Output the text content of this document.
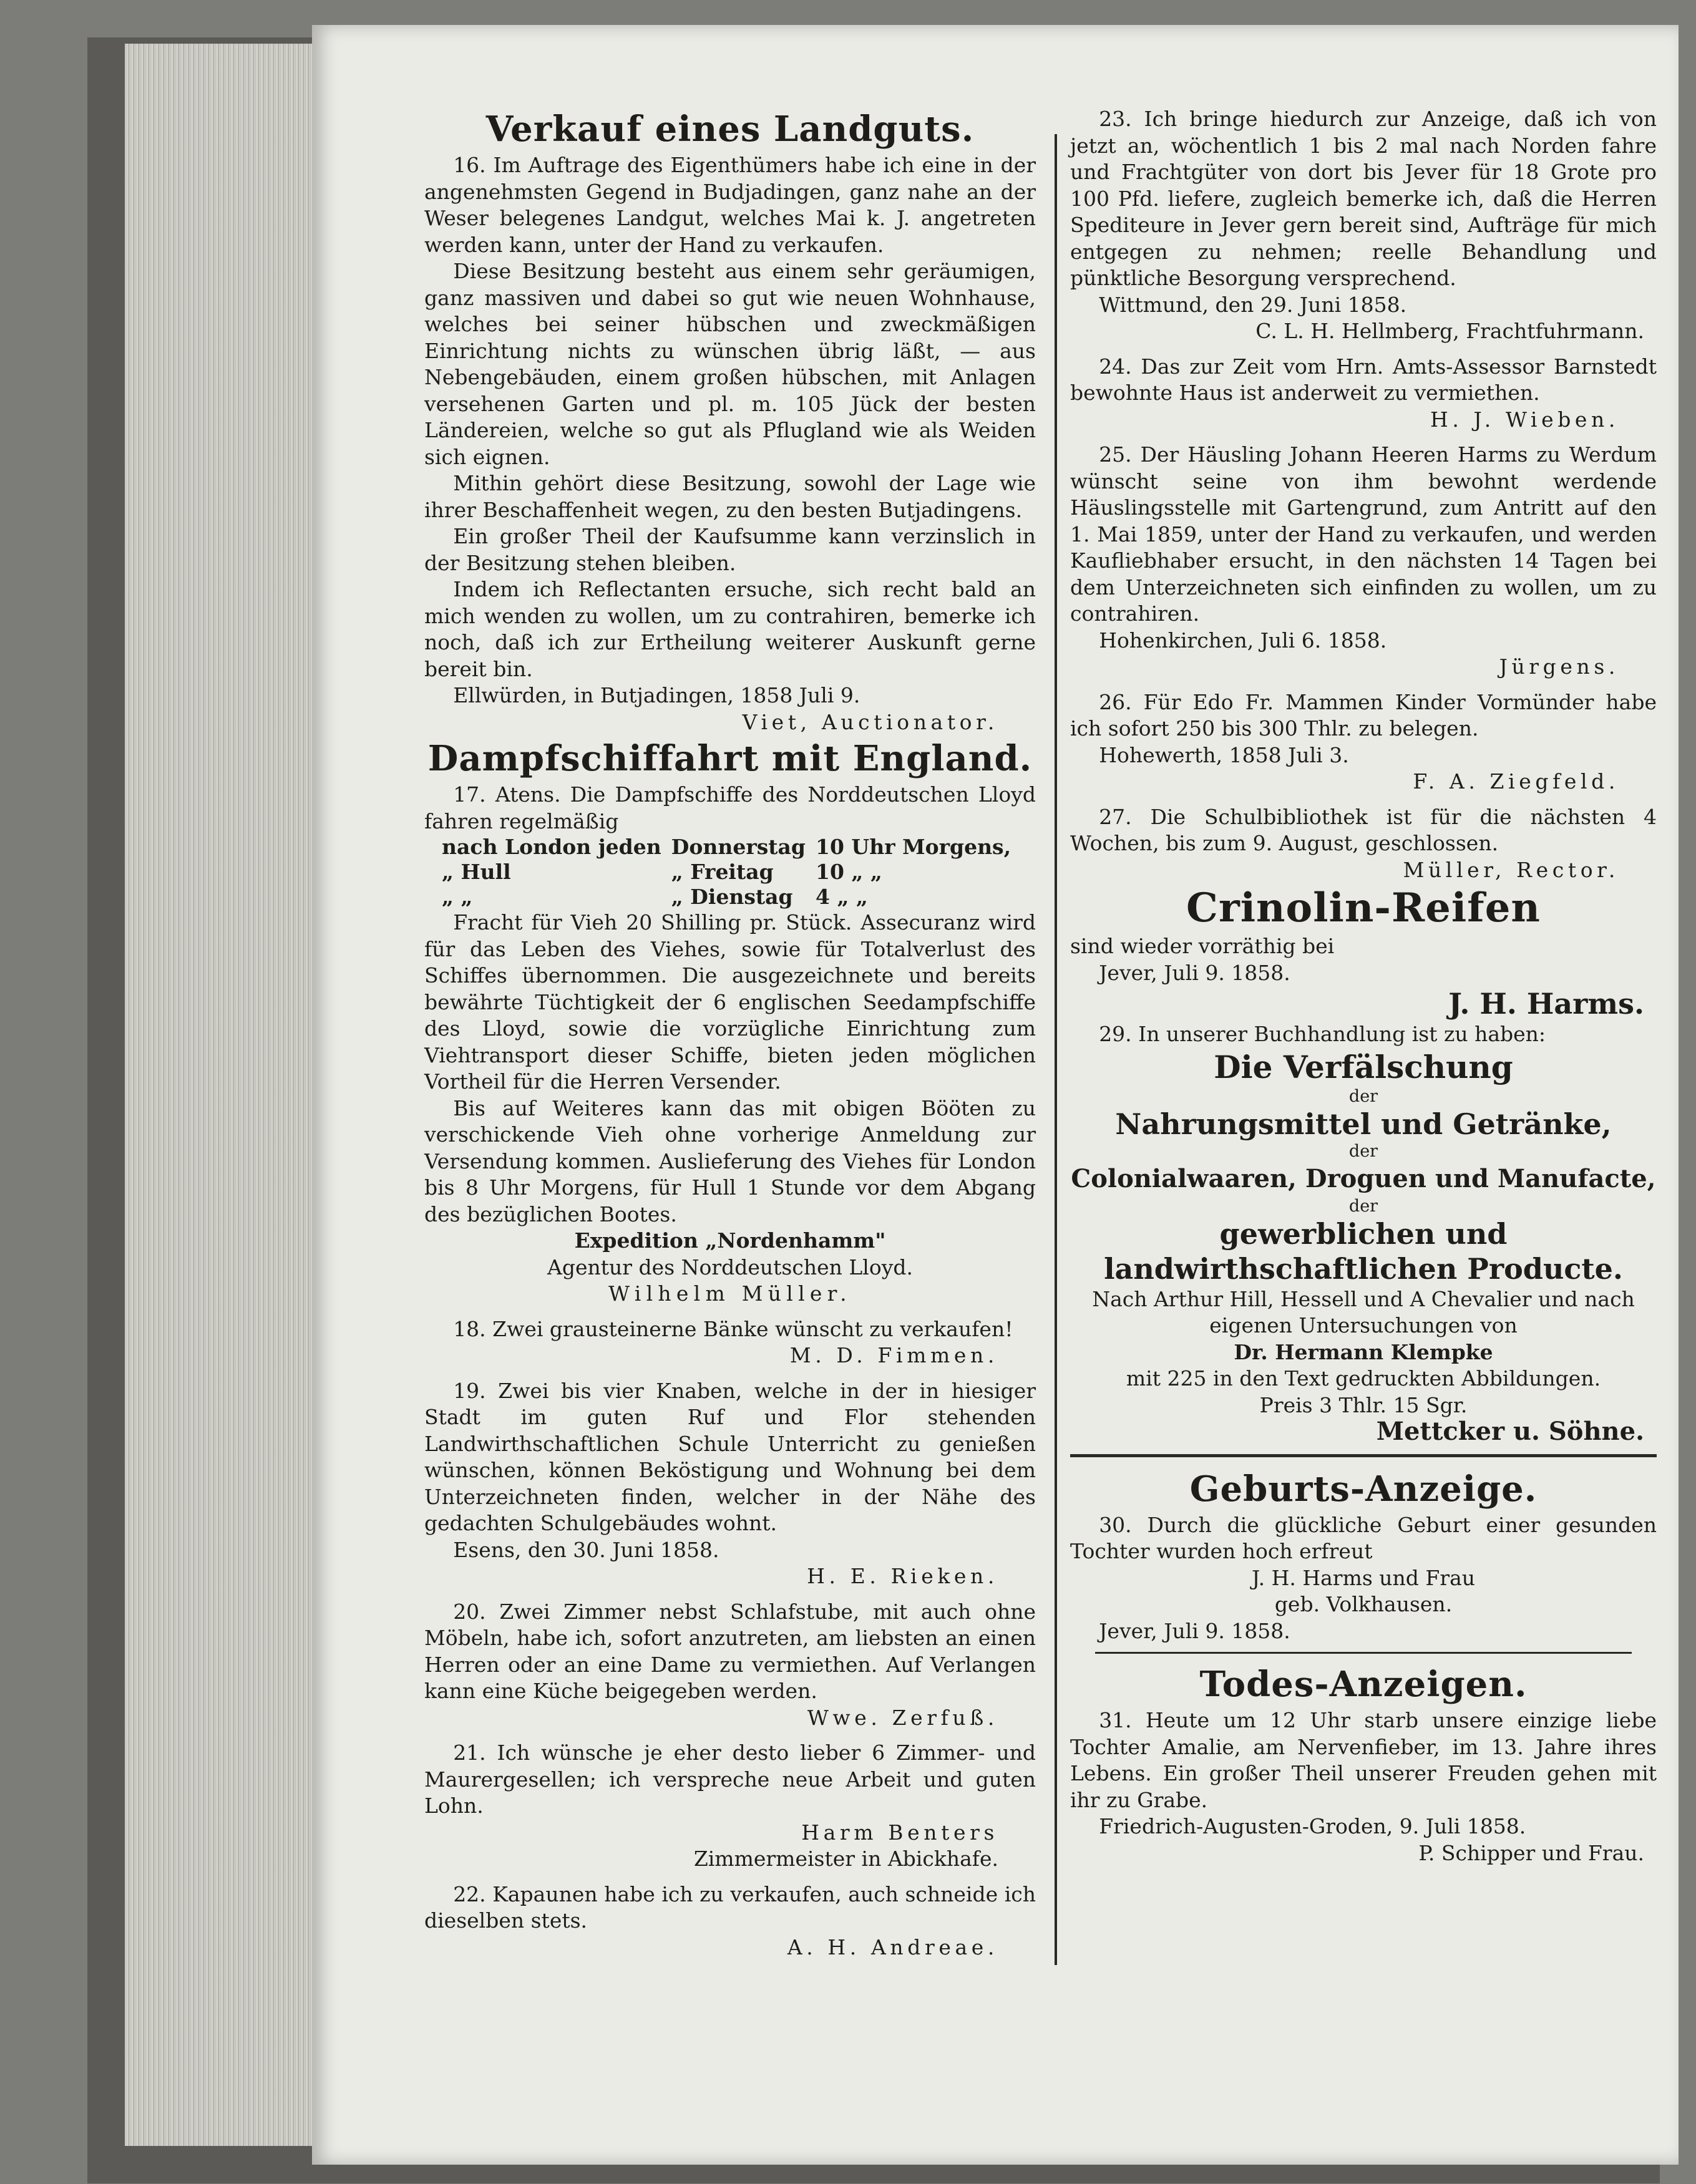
Verkauf eines Landguts.

16. Im Auftrage des Eigenthümers habe ich eine in der angenehmsten Gegend in Budjadingen, ganz nahe an der Weser belegenes Landgut, welches Mai k. J. angetreten werden kann, unter der Hand zu verkaufen.

Diese Besitzung besteht aus einem sehr geräumigen, ganz massiven und dabei so gut wie neuen Wohnhause, welches bei seiner hübschen und zweckmäßigen Einrichtung nichts zu wünschen übrig läßt, — aus Nebengebäuden, einem großen hübschen, mit Anlagen versehenen Garten und pl. m. 105 Jück der besten Ländereien, welche so gut als Pflugland wie als Weiden sich eignen.

Mithin gehört diese Besitzung, sowohl der Lage wie ihrer Beschaffenheit wegen, zu den besten Butjadingens.

Ein großer Theil der Kaufsumme kann verzinslich in der Besitzung stehen bleiben.

Indem ich Reflectanten ersuche, sich recht bald an mich wenden zu wollen, um zu contrahiren, bemerke ich noch, daß ich zur Ertheilung weiterer Auskunft gerne bereit bin.

Ellwürden, in Butjadingen, 1858 Juli 9.

Viet, Auctionator.
Dampfschiffahrt mit England.

17. Atens. Die Dampfschiffe des Norddeutschen Lloyd fahren regelmäßig

nach London jeden	Donnerstag	10 Uhr Morgens,
„ Hull	„ Freitag	10 „ „
„ „	„ Dienstag	4 „ „

Fracht für Vieh 20 Shilling pr. Stück. Assecuranz wird für das Leben des Viehes, sowie für Totalverlust des Schiffes übernommen. Die ausgezeichnete und bereits bewährte Tüchtigkeit der 6 englischen Seedampfschiffe des Lloyd, sowie die vorzügliche Einrichtung zum Viehtransport dieser Schiffe, bieten jeden möglichen Vortheil für die Herren Versender.

Bis auf Weiteres kann das mit obigen Bööten zu verschickende Vieh ohne vorherige Anmeldung zur Versendung kommen. Auslieferung des Viehes für London bis 8 Uhr Morgens, für Hull 1 Stunde vor dem Abgang des bezüglichen Bootes.

Expedition „Nordenhamm"
Agentur des Norddeutschen Lloyd.
Wilhelm Müller.

18. Zwei grausteinerne Bänke wünscht zu verkaufen!

M. D. Fimmen.

19. Zwei bis vier Knaben, welche in der in hiesiger Stadt im guten Ruf und Flor stehenden Landwirthschaftlichen Schule Unterricht zu genießen wünschen, können Beköstigung und Wohnung bei dem Unterzeichneten finden, welcher in der Nähe des gedachten Schulgebäudes wohnt.

Esens, den 30. Juni 1858.

H. E. Rieken.

20. Zwei Zimmer nebst Schlafstube, mit auch ohne Möbeln, habe ich, sofort anzutreten, am liebsten an einen Herren oder an eine Dame zu vermiethen. Auf Verlangen kann eine Küche beigegeben werden.

Wwe. Zerfuß.

21. Ich wünsche je eher desto lieber 6 Zimmer- und Maurergesellen; ich verspreche neue Arbeit und guten Lohn.

Harm Benters
Zimmermeister in Abickhafe.

22. Kapaunen habe ich zu verkaufen, auch schneide ich dieselben stets.

A. H. Andreae.

23. Ich bringe hiedurch zur Anzeige, daß ich von jetzt an, wöchentlich 1 bis 2 mal nach Norden fahre und Frachtgüter von dort bis Jever für 18 Grote pro 100 Pfd. liefere, zugleich bemerke ich, daß die Herren Spediteure in Jever gern bereit sind, Aufträge für mich entgegen zu nehmen; reelle Behandlung und pünktliche Besorgung versprechend.

Wittmund, den 29. Juni 1858.

C. L. H. Hellmberg, Frachtfuhrmann.

24. Das zur Zeit vom Hrn. Amts-Assessor Barnstedt bewohnte Haus ist anderweit zu vermiethen.

H. J. Wieben.

25. Der Häusling Johann Heeren Harms zu Werdum wünscht seine von ihm bewohnt werdende Häuslingsstelle mit Gartengrund, zum Antritt auf den 1. Mai 1859, unter der Hand zu verkaufen, und werden Kaufliebhaber ersucht, in den nächsten 14 Tagen bei dem Unterzeichneten sich einfinden zu wollen, um zu contrahiren.

Hohenkirchen, Juli 6. 1858.

Jürgens.

26. Für Edo Fr. Mammen Kinder Vormünder habe ich sofort 250 bis 300 Thlr. zu belegen.

Hohewerth, 1858 Juli 3.

F. A. Ziegfeld.

27. Die Schulbibliothek ist für die nächsten 4 Wochen, bis zum 9. August, geschlossen.

Müller, Rector.
Crinolin-Reifen

sind wieder vorräthig bei

Jever, Juli 9. 1858.

J. H. Harms.

29. In unserer Buchhandlung ist zu haben:

Die Verfälschung
der
Nahrungsmittel und Getränke,
der
Colonialwaaren, Droguen und Manufacte,
der
gewerblichen und landwirthschaftlichen Producte.
Nach Arthur Hill, Hessell und A Chevalier und nach eigenen Untersuchungen von
Dr. Hermann Klempke
mit 225 in den Text gedruckten Abbildungen.
Preis 3 Thlr. 15 Sgr.
Mettcker u. Söhne.
Geburts-Anzeige.

30. Durch die glückliche Geburt einer gesunden Tochter wurden hoch erfreut

J. H. Harms und Frau
geb. Volkhausen.

Jever, Juli 9. 1858.

Todes-Anzeigen.

31. Heute um 12 Uhr starb unsere einzige liebe Tochter Amalie, am Nervenfieber, im 13. Jahre ihres Lebens. Ein großer Theil unserer Freuden gehen mit ihr zu Grabe.

Friedrich-Augusten-Groden, 9. Juli 1858.

P. Schipper und Frau.
